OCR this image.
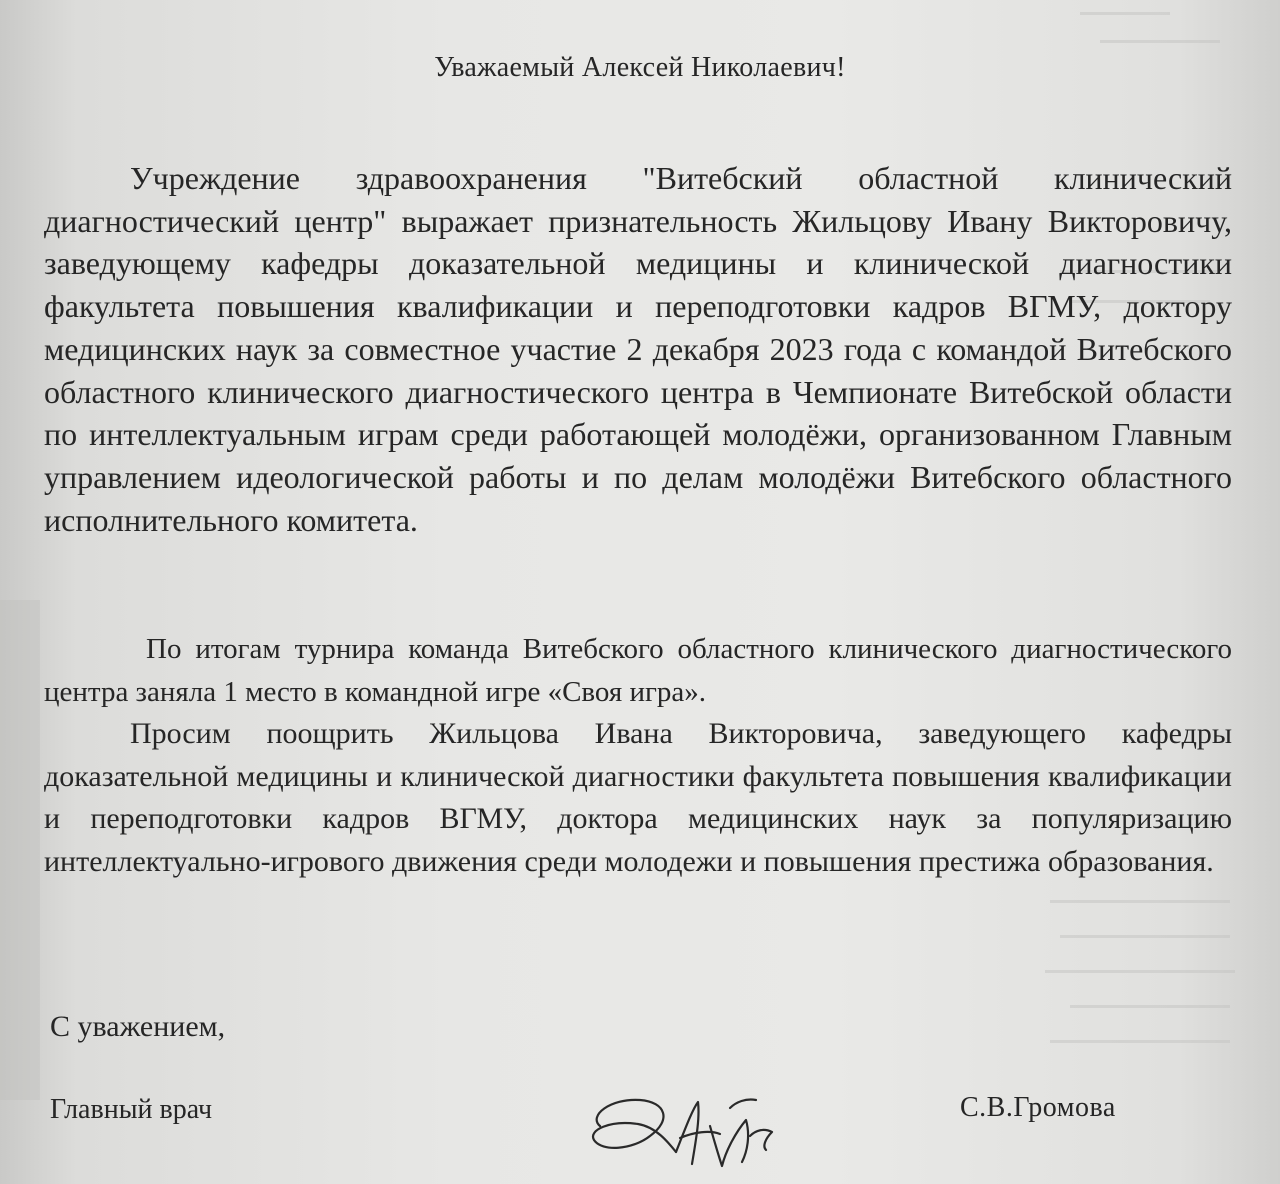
Уважаемый Алексей Николаевич!
Учреждение здравоохранения "Витебский областной клинический диагностический центр" выражает признательность Жильцову Ивану Викторовичу, заведующему кафедры доказательной медицины и клинической диагностики факультета повышения квалификации и переподготовки кадров ВГМУ, доктору медицинских наук за совместное участие 2 декабря 2023 года с командой Витебского областного клинического диагностического центра в Чемпионате Витебской области по интеллектуальным играм среди работающей молодёжи, организованном Главным управлением идеологической работы и по делам молодёжи Витебского областного исполнительного комитета.
По итогам турнира команда Витебского областного клинического диагностического центра заняла 1 место в командной игре «Своя игра».
Просим поощрить Жильцова Ивана Викторовича, заведующего кафедры доказательной медицины и клинической диагностики факультета повышения квалификации и переподготовки кадров ВГМУ, доктора медицинских наук за популяризацию интеллектуально-игрового движения среди молодежи и повышения престижа образования.
С уважением,
Главный врач	С.В.Громова
